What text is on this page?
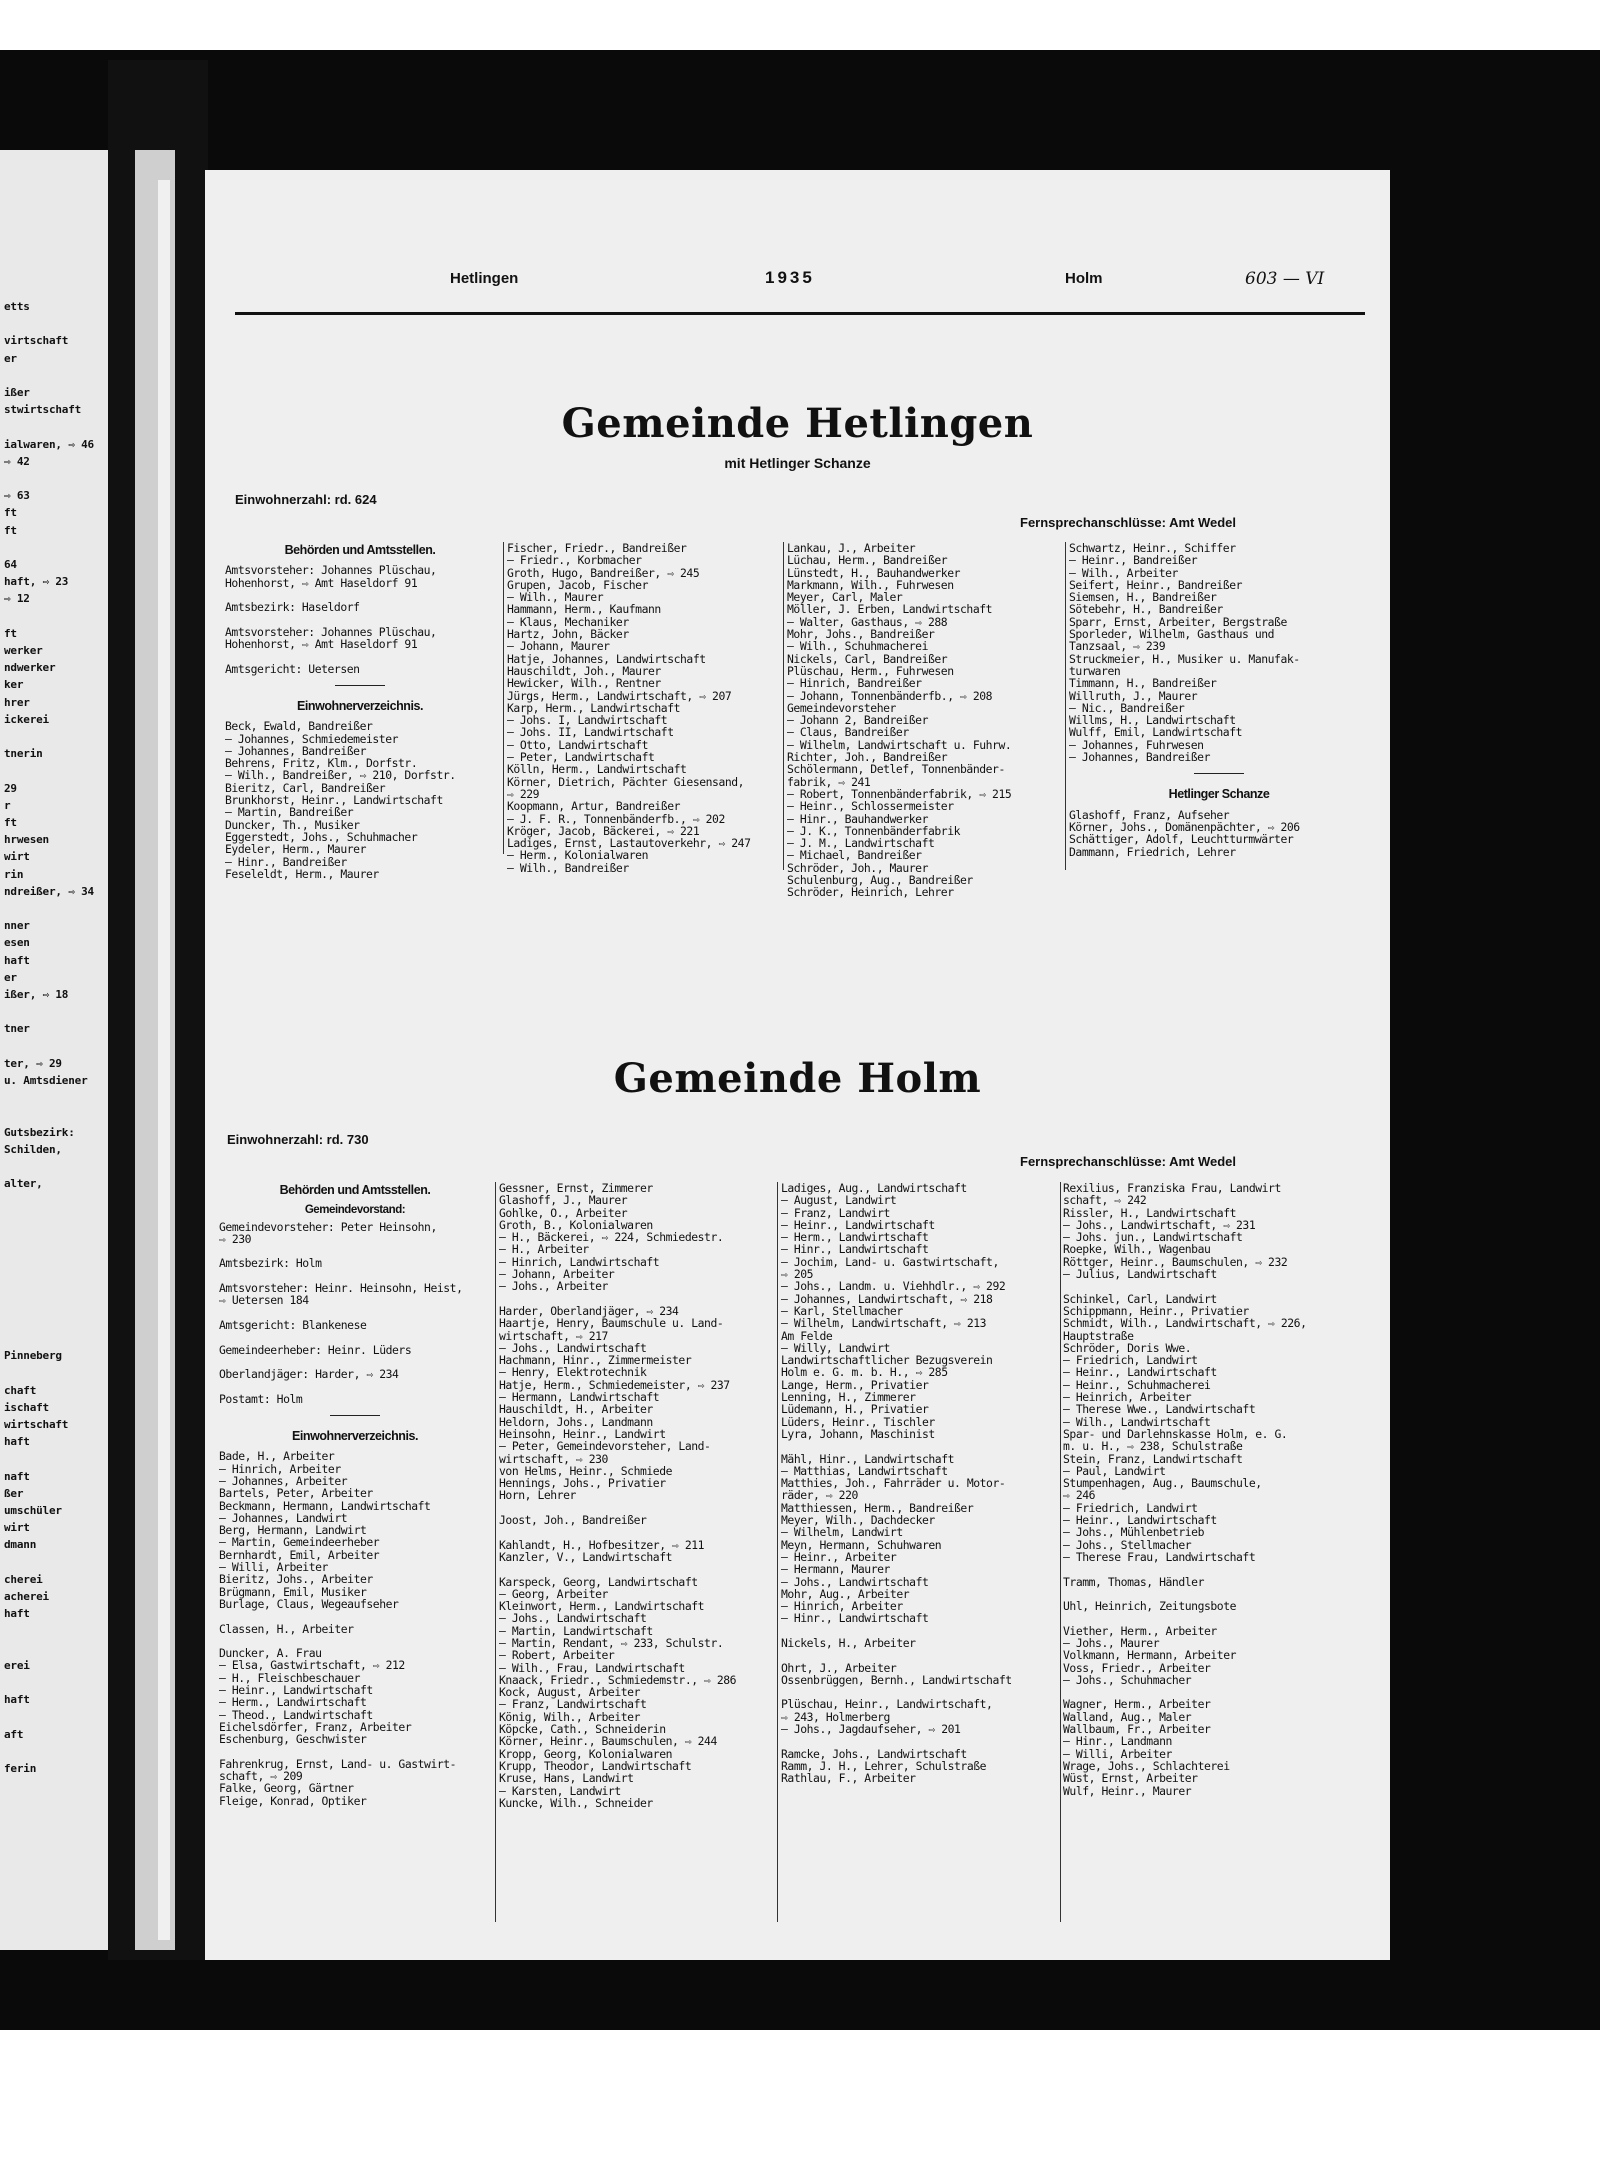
etts
virtschaft
er
ißer
stwirtschaft
ialwaren, ⇨ 46
⇨ 42
⇨ 63
ft
ft
64
haft, ⇨ 23
⇨ 12
ft
werker
ndwerker
ker
hrer
ickerei
tnerin
29
r
ft
hrwesen
wirt
rin
ndreißer, ⇨ 34
nner
esen
haft
er
ißer, ⇨ 18
tner
ter, ⇨ 29
u. Amtsdiener
Gutsbezirk:
Schilden,
alter,
Pinneberg
chaft
ischaft
wirtschaft
haft
naft
ßer
umschüler
wirt
dmann
cherei
acherei
haft
erei
haft
aft
ferin
Hetlingen	1935	Holm	603 — VI
Gemeinde Hetlingen
mit Hetlinger Schanze
Einwohnerzahl: rd. 624
Fernsprechanschlüsse: Amt Wedel
Behörden und Amtsstellen.
Amtsvorsteher: Johannes Plüschau,
Hohenhorst, ⇨ Amt Haseldorf 91

Amtsbezirk: Haseldorf

Amtsvorsteher: Johannes Plüschau,
Hohenhorst, ⇨ Amt Haseldorf 91

Amtsgericht: Uetersen
Einwohnerverzeichnis.
Beck, Ewald, Bandreißer
— Johannes, Schmiedemeister
— Johannes, Bandreißer
Behrens, Fritz, Klm., Dorfstr.
— Wilh., Bandreißer, ⇨ 210, Dorfstr.
Bieritz, Carl, Bandreißer
Brunkhorst, Heinr., Landwirtschaft
— Martin, Bandreißer
Duncker, Th., Musiker
Eggerstedt, Johs., Schuhmacher
Eydeler, Herm., Maurer
— Hinr., Bandreißer
Feseleldt, Herm., Maurer
Fischer, Friedr., Bandreißer
— Friedr., Korbmacher
Groth, Hugo, Bandreißer, ⇨ 245
Grupen, Jacob, Fischer
— Wilh., Maurer
Hammann, Herm., Kaufmann
— Klaus, Mechaniker
Hartz, John, Bäcker
— Johann, Maurer
Hatje, Johannes, Landwirtschaft
Hauschildt, Joh., Maurer
Hewicker, Wilh., Rentner
Jürgs, Herm., Landwirtschaft, ⇨ 207
Karp, Herm., Landwirtschaft
— Johs. I, Landwirtschaft
— Johs. II, Landwirtschaft
— Otto, Landwirtschaft
— Peter, Landwirtschaft
Kölln, Herm., Landwirtschaft
Körner, Dietrich, Pächter Giesensand,
⇨ 229
Koopmann, Artur, Bandreißer
— J. F. R., Tonnenbänderfb., ⇨ 202
Kröger, Jacob, Bäckerei, ⇨ 221
Ladiges, Ernst, Lastautoverkehr, ⇨ 247
— Herm., Kolonialwaren
— Wilh., Bandreißer
Lankau, J., Arbeiter
Lüchau, Herm., Bandreißer
Lünstedt, H., Bauhandwerker
Markmann, Wilh., Fuhrwesen
Meyer, Carl, Maler
Möller, J. Erben, Landwirtschaft
— Walter, Gasthaus, ⇨ 288
Mohr, Johs., Bandreißer
— Wilh., Schuhmacherei
Nickels, Carl, Bandreißer
Plüschau, Herm., Fuhrwesen
— Hinrich, Bandreißer
— Johann, Tonnenbänderfb., ⇨ 208
Gemeindevorsteher
— Johann 2, Bandreißer
— Claus, Bandreißer
— Wilhelm, Landwirtschaft u. Fuhrw.
Richter, Joh., Bandreißer
Schölermann, Detlef, Tonnenbänder-
fabrik, ⇨ 241
— Robert, Tonnenbänderfabrik, ⇨ 215
— Heinr., Schlossermeister
— Hinr., Bauhandwerker
— J. K., Tonnenbänderfabrik
— J. M., Landwirtschaft
— Michael, Bandreißer
Schröder, Joh., Maurer
Schulenburg, Aug., Bandreißer
Schröder, Heinrich, Lehrer
Schwartz, Heinr., Schiffer
— Heinr., Bandreißer
— Wilh., Arbeiter
Seifert, Heinr., Bandreißer
Siemsen, H., Bandreißer
Sötebehr, H., Bandreißer
Sparr, Ernst, Arbeiter, Bergstraße
Sporleder, Wilhelm, Gasthaus und
Tanzsaal, ⇨ 239
Struckmeier, H., Musiker u. Manufak-
turwaren
Timmann, H., Bandreißer
Willruth, J., Maurer
— Nic., Bandreißer
Willms, H., Landwirtschaft
Wulff, Emil, Landwirtschaft
— Johannes, Fuhrwesen
— Johannes, Bandreißer
Hetlinger Schanze
Glashoff, Franz, Aufseher
Körner, Johs., Domänenpächter, ⇨ 206
Schättiger, Adolf, Leuchtturmwärter
Dammann, Friedrich, Lehrer
Gemeinde Holm
Einwohnerzahl: rd. 730
Fernsprechanschlüsse: Amt Wedel
Behörden und Amtsstellen.
Gemeindevorstand:
Gemeindevorsteher: Peter Heinsohn,
⇨ 230

Amtsbezirk: Holm

Amtsvorsteher: Heinr. Heinsohn, Heist,
⇨ Uetersen 184

Amtsgericht: Blankenese

Gemeindeerheber: Heinr. Lüders

Oberlandjäger: Harder, ⇨ 234

Postamt: Holm
Einwohnerverzeichnis.
Bade, H., Arbeiter
— Hinrich, Arbeiter
— Johannes, Arbeiter
Bartels, Peter, Arbeiter
Beckmann, Hermann, Landwirtschaft
— Johannes, Landwirt
Berg, Hermann, Landwirt
— Martin, Gemeindeerheber
Bernhardt, Emil, Arbeiter
— Willi, Arbeiter
Bieritz, Johs., Arbeiter
Brügmann, Emil, Musiker
Burlage, Claus, Wegeaufseher

Classen, H., Arbeiter

Duncker, A. Frau
— Elsa, Gastwirtschaft, ⇨ 212
— H., Fleischbeschauer
— Heinr., Landwirtschaft
— Herm., Landwirtschaft
— Theod., Landwirtschaft
Eichelsdörfer, Franz, Arbeiter
Eschenburg, Geschwister

Fahrenkrug, Ernst, Land- u. Gastwirt-
schaft, ⇨ 209
Falke, Georg, Gärtner
Fleige, Konrad, Optiker
Gessner, Ernst, Zimmerer
Glashoff, J., Maurer
Gohlke, O., Arbeiter
Groth, B., Kolonialwaren
— H., Bäckerei, ⇨ 224, Schmiedestr.
— H., Arbeiter
— Hinrich, Landwirtschaft
— Johann, Arbeiter
— Johs., Arbeiter

Harder, Oberlandjäger, ⇨ 234
Haartje, Henry, Baumschule u. Land-
wirtschaft, ⇨ 217
— Johs., Landwirtschaft
Hachmann, Hinr., Zimmermeister
— Henry, Elektrotechnik
Hatje, Herm., Schmiedemeister, ⇨ 237
— Hermann, Landwirtschaft
Hauschildt, H., Arbeiter
Heldorn, Johs., Landmann
Heinsohn, Heinr., Landwirt
— Peter, Gemeindevorsteher, Land-
wirtschaft, ⇨ 230
von Helms, Heinr., Schmiede
Hennings, Johs., Privatier
Horn, Lehrer

Joost, Joh., Bandreißer

Kahlandt, H., Hofbesitzer, ⇨ 211
Kanzler, V., Landwirtschaft

Karspeck, Georg, Landwirtschaft
— Georg, Arbeiter
Kleinwort, Herm., Landwirtschaft
— Johs., Landwirtschaft
— Martin, Landwirtschaft
— Martin, Rendant, ⇨ 233, Schulstr.
— Robert, Arbeiter
— Wilh., Frau, Landwirtschaft
Knaack, Friedr., Schmiedemstr., ⇨ 286
Kock, August, Arbeiter
— Franz, Landwirtschaft
König, Wilh., Arbeiter
Köpcke, Cath., Schneiderin
Körner, Heinr., Baumschulen, ⇨ 244
Kropp, Georg, Kolonialwaren
Krupp, Theodor, Landwirtschaft
Kruse, Hans, Landwirt
— Karsten, Landwirt
Kuncke, Wilh., Schneider
Ladiges, Aug., Landwirtschaft
— August, Landwirt
— Franz, Landwirt
— Heinr., Landwirtschaft
— Herm., Landwirtschaft
— Hinr., Landwirtschaft
— Jochim, Land- u. Gastwirtschaft,
⇨ 205
— Johs., Landm. u. Viehhdlr., ⇨ 292
— Johannes, Landwirtschaft, ⇨ 218
— Karl, Stellmacher
— Wilhelm, Landwirtschaft, ⇨ 213
Am Felde
— Willy, Landwirt
Landwirtschaftlicher Bezugsverein
Holm e. G. m. b. H., ⇨ 285
Lange, Herm., Privatier
Lenning, H., Zimmerer
Lüdemann, H., Privatier
Lüders, Heinr., Tischler
Lyra, Johann, Maschinist

Mähl, Hinr., Landwirtschaft
— Matthias, Landwirtschaft
Matthies, Joh., Fahrräder u. Motor-
räder, ⇨ 220
Matthiessen, Herm., Bandreißer
Meyer, Wilh., Dachdecker
— Wilhelm, Landwirt
Meyn, Hermann, Schuhwaren
— Heinr., Arbeiter
— Hermann, Maurer
— Johs., Landwirtschaft
Mohr, Aug., Arbeiter
— Hinrich, Arbeiter
— Hinr., Landwirtschaft

Nickels, H., Arbeiter

Ohrt, J., Arbeiter
Ossenbrüggen, Bernh., Landwirtschaft

Plüschau, Heinr., Landwirtschaft,
⇨ 243, Holmerberg
— Johs., Jagdaufseher, ⇨ 201

Ramcke, Johs., Landwirtschaft
Ramm, J. H., Lehrer, Schulstraße
Rathlau, F., Arbeiter
Rexilius, Franziska Frau, Landwirt
schaft, ⇨ 242
Rissler, H., Landwirtschaft
— Johs., Landwirtschaft, ⇨ 231
— Johs. jun., Landwirtschaft
Roepke, Wilh., Wagenbau
Röttger, Heinr., Baumschulen, ⇨ 232
— Julius, Landwirtschaft

Schinkel, Carl, Landwirt
Schippmann, Heinr., Privatier
Schmidt, Wilh., Landwirtschaft, ⇨ 226,
Hauptstraße
Schröder, Doris Wwe.
— Friedrich, Landwirt
— Heinr., Landwirtschaft
— Heinr., Schuhmacherei
— Heinrich, Arbeiter
— Therese Wwe., Landwirtschaft
— Wilh., Landwirtschaft
Spar- und Darlehnskasse Holm, e. G.
m. u. H., ⇨ 238, Schulstraße
Stein, Franz, Landwirtschaft
— Paul, Landwirt
Stumpenhagen, Aug., Baumschule,
⇨ 246
— Friedrich, Landwirt
— Heinr., Landwirtschaft
— Johs., Mühlenbetrieb
— Johs., Stellmacher
— Therese Frau, Landwirtschaft

Tramm, Thomas, Händler

Uhl, Heinrich, Zeitungsbote

Viether, Herm., Arbeiter
— Johs., Maurer
Volkmann, Hermann, Arbeiter
Voss, Friedr., Arbeiter
— Johs., Schuhmacher

Wagner, Herm., Arbeiter
Walland, Aug., Maler
Wallbaum, Fr., Arbeiter
— Hinr., Landmann
— Willi, Arbeiter
Wrage, Johs., Schlachterei
Wüst, Ernst, Arbeiter
Wulf, Heinr., Maurer
